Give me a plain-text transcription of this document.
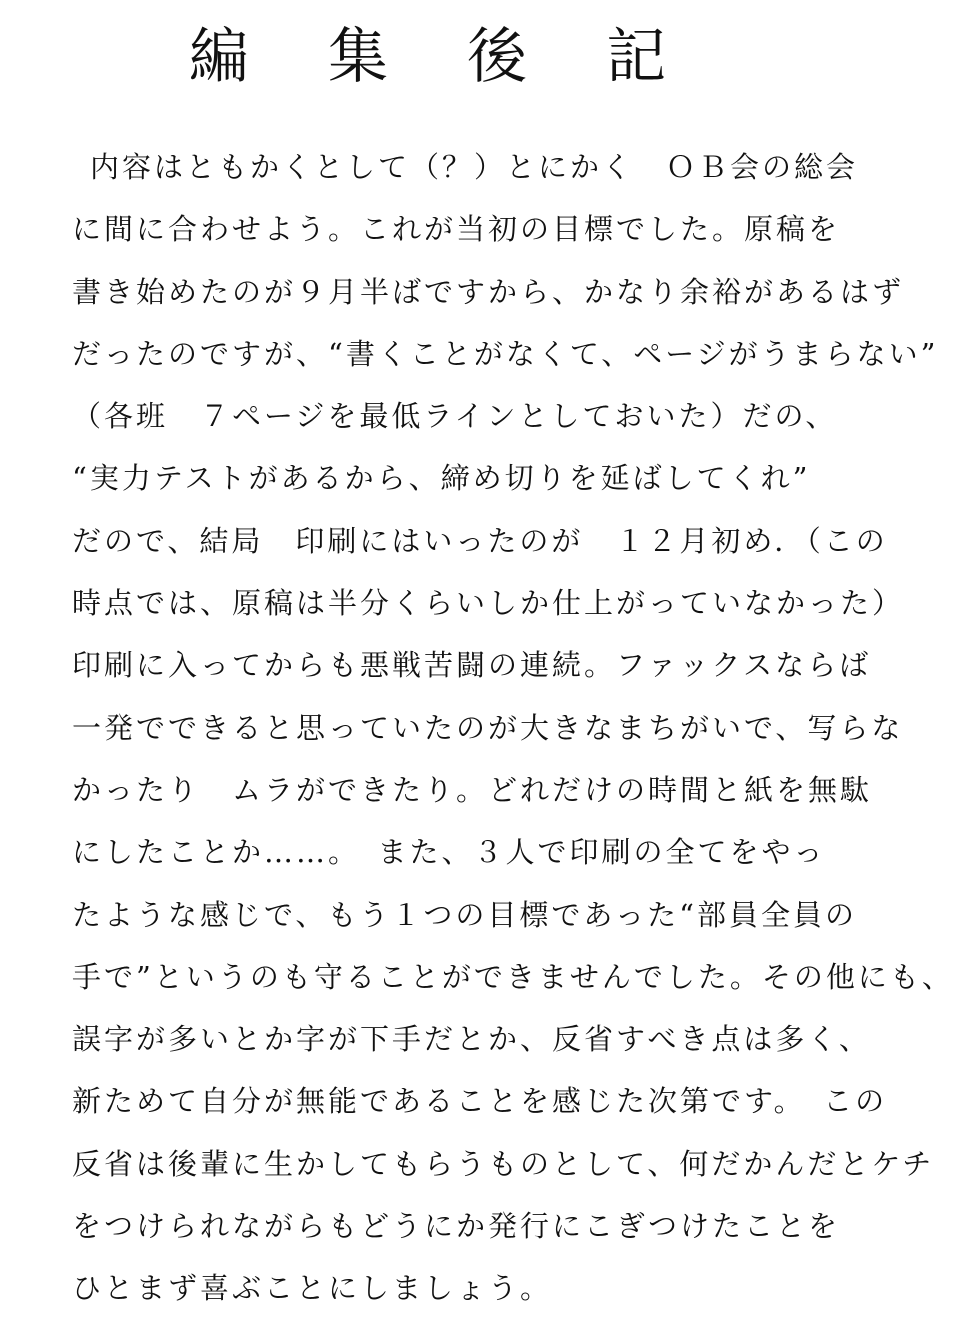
編 集 後 記
内容はともかくとして（？）とにかく　ＯＢ会の総会
に間に合わせよう。これが当初の目標でした。原稿を
書き始めたのが９月半ばですから、かなり余裕があるはず
だったのですが、“書くことがなくて、ページがうまらない”
（各班　７ページを最低ラインとしておいた）だの、
“実力テストがあるから、締め切りを延ばしてくれ”
だので、結局　印刷にはいったのが　１２月初め．（この
時点では、原稿は半分くらいしか仕上がっていなかった）
印刷に入ってからも悪戦苦闘の連続。ファックスならば
一発でできると思っていたのが大きなまちがいで、写らな
かったり　ムラができたり。どれだけの時間と紙を無駄
にしたことか……。　また、３人で印刷の全てをやっ
たような感じで、もう１つの目標であった“部員全員の
手で”というのも守ることができませんでした。その他にも、
誤字が多いとか字が下手だとか、反省すべき点は多く、
新ためて自分が無能であることを感じた次第です。　この
反省は後輩に生かしてもらうものとして、何だかんだとケチ
をつけられながらもどうにか発行にこぎつけたことを
ひとまず喜ぶことにしましょう。
